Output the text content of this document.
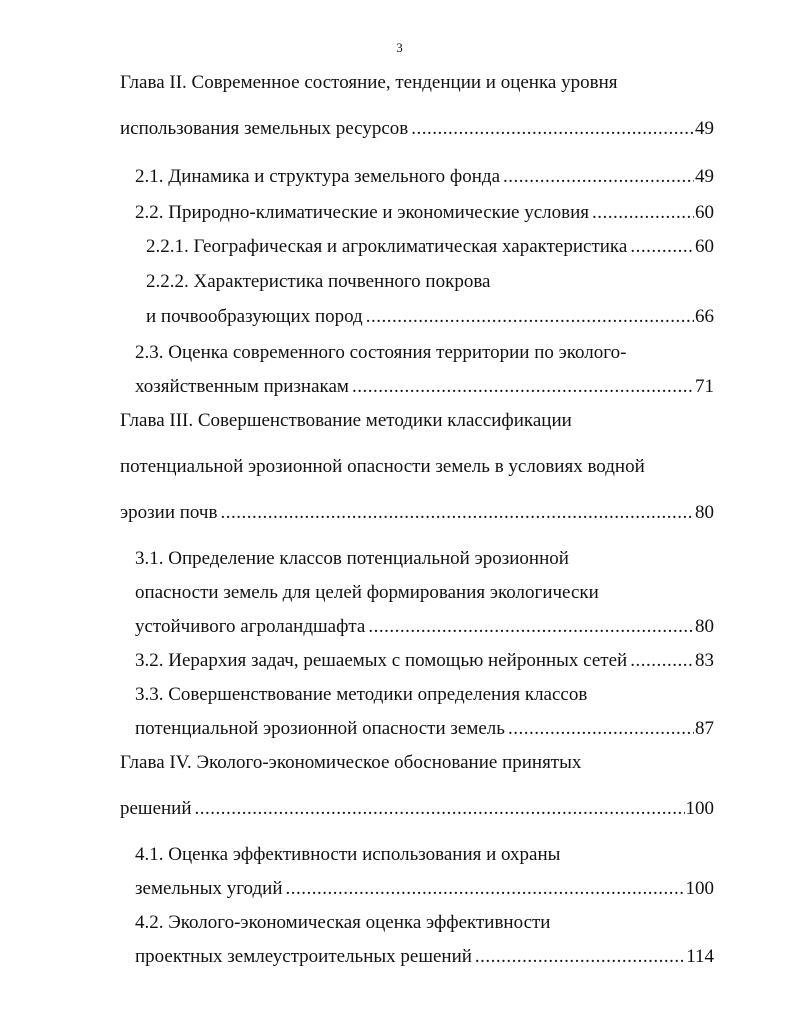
3
Глава II. Современное состояние, тенденции и оценка уровня
использования земельных ресурсов .....	49
2.1. Динамика и структура земельного фонда .....	49
2.2. Природно-климатические и экономические условия .....	60
2.2.1. Географическая и агроклиматическая характеристика .....	60
2.2.2. Характеристика почвенного покрова
и почвообразующих пород .....	66
2.3. Оценка современного состояния территории по эколого-
хозяйственным признакам .....	71
Глава III. Совершенствование методики классификации
потенциальной эрозионной опасности земель в условиях водной
эрозии почв .....	80
3.1. Определение классов потенциальной эрозионной
опасности земель для целей формирования экологически
устойчивого агроландшафта .....	80
3.2. Иерархия задач, решаемых с помощью нейронных сетей .....	83
3.3. Совершенствование методики определения классов
потенциальной эрозионной опасности земель .....	87
Глава IV. Эколого-экономическое обоснование принятых
решений .....	100
4.1. Оценка эффективности использования и охраны
земельных угодий .....	100
4.2. Эколого-экономическая оценка эффективности
проектных землеустроительных решений .....	114
